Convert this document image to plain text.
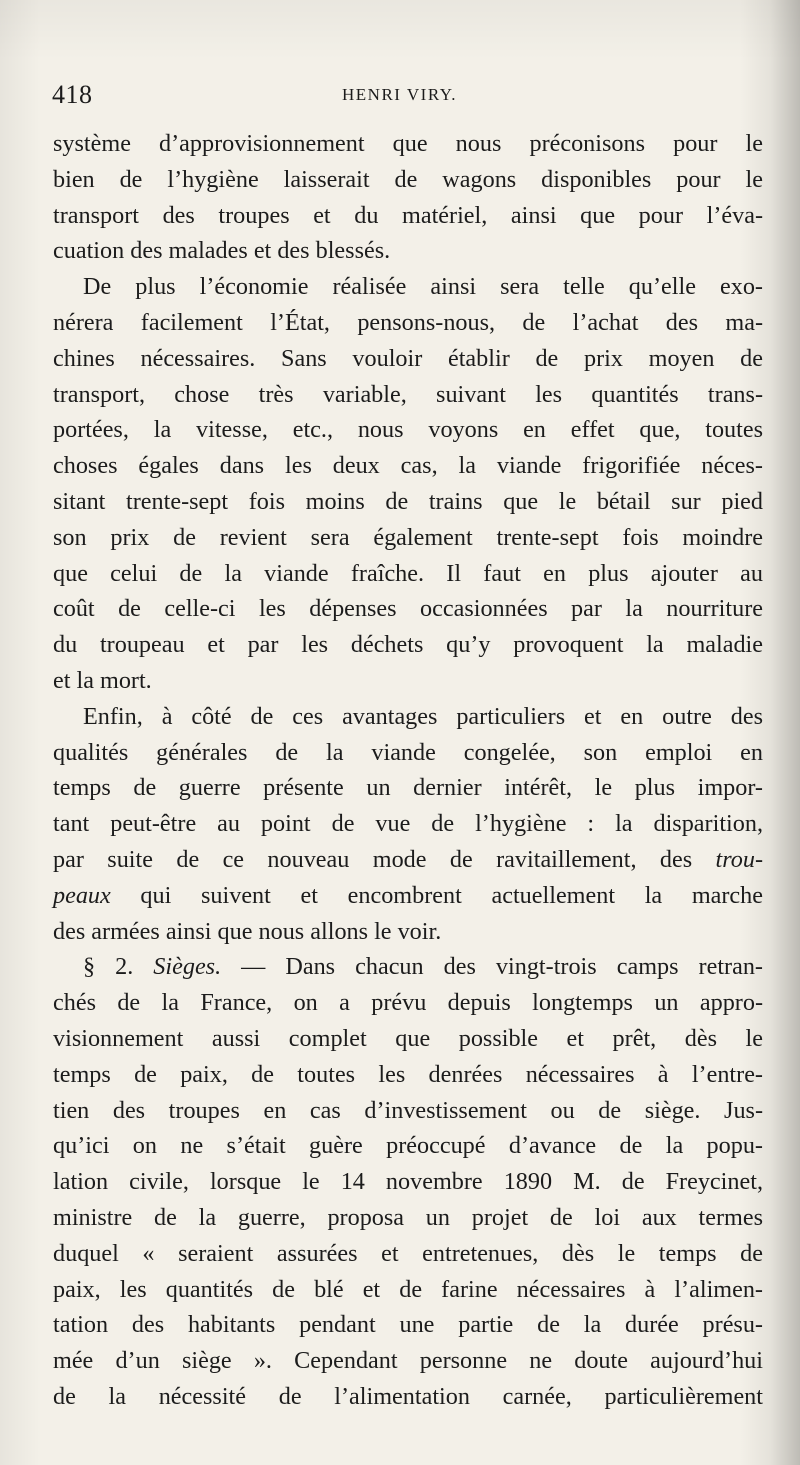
418	HENRI VIRY.
système d’approvisionnement que nous préconisons pour le
bien de l’hygiène laisserait de wagons disponibles pour le
transport des troupes et du matériel, ainsi que pour l’éva-
cuation des malades et des blessés.
De plus l’économie réalisée ainsi sera telle qu’elle exo-
nérera facilement l’État, pensons-nous, de l’achat des ma-
chines nécessaires. Sans vouloir établir de prix moyen de
transport, chose très variable, suivant les quantités trans-
portées, la vitesse, etc., nous voyons en effet que, toutes
choses égales dans les deux cas, la viande frigorifiée néces-
sitant trente-sept fois moins de trains que le bétail sur pied
son prix de revient sera également trente-sept fois moindre
que celui de la viande fraîche. Il faut en plus ajouter au
coût de celle-ci les dépenses occasionnées par la nourriture
du troupeau et par les déchets qu’y provoquent la maladie
et la mort.
Enfin, à côté de ces avantages particuliers et en outre des
qualités générales de la viande congelée, son emploi en
temps de guerre présente un dernier intérêt, le plus impor-
tant peut-être au point de vue de l’hygiène : la disparition,
par suite de ce nouveau mode de ravitaillement, des trou-
peaux qui suivent et encombrent actuellement la marche
des armées ainsi que nous allons le voir.
§ 2. Sièges. — Dans chacun des vingt-trois camps retran-
chés de la France, on a prévu depuis longtemps un appro-
visionnement aussi complet que possible et prêt, dès le
temps de paix, de toutes les denrées nécessaires à l’entre-
tien des troupes en cas d’investissement ou de siège. Jus-
qu’ici on ne s’était guère préoccupé d’avance de la popu-
lation civile, lorsque le 14 novembre 1890 M. de Freycinet,
ministre de la guerre, proposa un projet de loi aux termes
duquel « seraient assurées et entretenues, dès le temps de
paix, les quantités de blé et de farine nécessaires à l’alimen-
tation des habitants pendant une partie de la durée présu-
mée d’un siège ». Cependant personne ne doute aujourd’hui
de la nécessité de l’alimentation carnée, particulièrement
